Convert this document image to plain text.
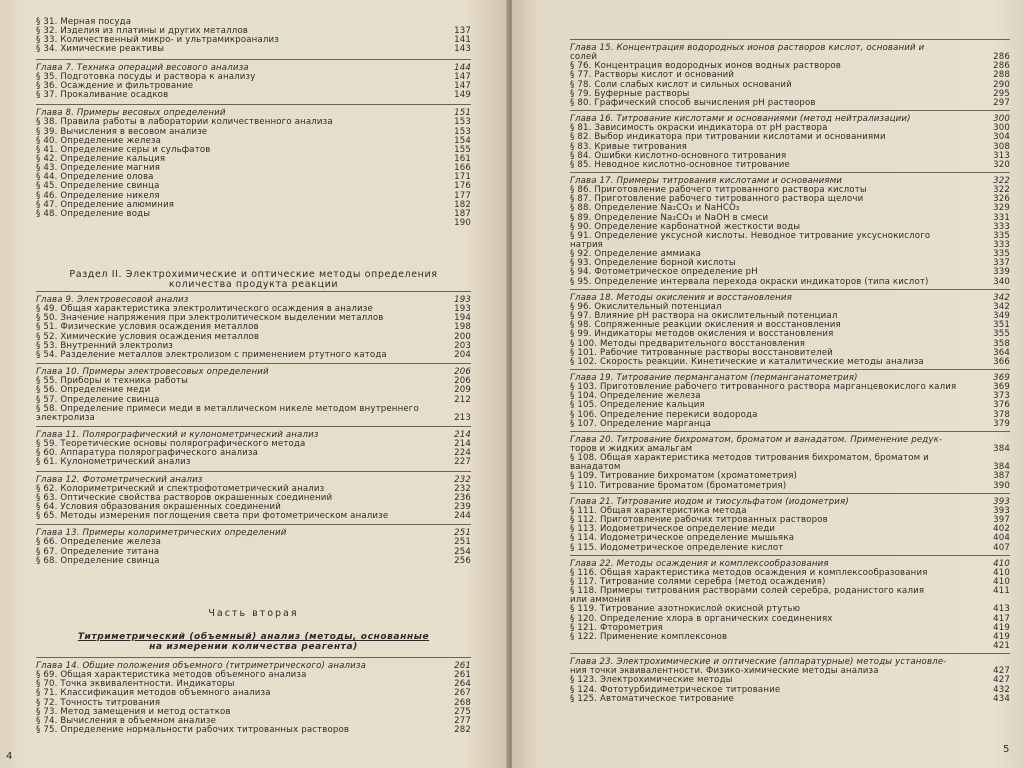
§ 31. Мерная посуда
§ 32. Изделия из платины и других металлов	137
§ 33. Количественный микро- и ультрамикроанализ	141
§ 34. Химические реактивы	143
Глава 7. Техника операций весового анализа	144
§ 35. Подготовка посуды и раствора к анализу	147
§ 36. Осаждение и фильтрование	147
§ 37. Прокаливание осадков	149
Глава 8. Примеры весовых определений	151
§ 38. Правила работы в лаборатории количественного анализа	153
§ 39. Вычисления в весовом анализе	153
§ 40. Определение железа	154
§ 41. Определение серы и сульфатов	155
§ 42. Определение кальция	161
§ 43. Определение магния	166
§ 44. Определение олова	171
§ 45. Определение свинца	176
§ 46. Определение никеля	177
§ 47. Определение алюминия	182
§ 48. Определение воды	187
190
Раздел II. Электрохимические и оптические методы определения
количества продукта реакции
Глава 9. Электровесовой анализ	193
§ 49. Общая характеристика электролитического осаждения в анализе	193
§ 50. Значение напряжения при электролитическом выделении металлов	194
§ 51. Физические условия осаждения металлов	198
§ 52. Химические условия осаждения металлов	200
§ 53. Внутренний электролиз	203
§ 54. Разделение металлов электролизом с применением ртутного катода	204
Глава 10. Примеры электровесовых определений	206
§ 55. Приборы и техника работы	206
§ 56. Определение меди	209
§ 57. Определение свинца	212
§ 58. Определение примеси меди в металлическом никеле методом внутреннего
электролиза	213
Глава 11. Полярографический и кулонометрический анализ	214
§ 59. Теоретические основы полярографического метода	214
§ 60. Аппаратура полярографического анализа	224
§ 61. Кулонометрический анализ	227
Глава 12. Фотометрический анализ	232
§ 62. Колориметрический и спектрофотометрический анализ	232
§ 63. Оптические свойства растворов окрашенных соединений	236
§ 64. Условия образования окрашенных соединений	239
§ 65. Методы измерения поглощения света при фотометрическом анализе	244
Глава 13. Примеры колориметрических определений	251
§ 66. Определение железа	251
§ 67. Определение титана	254
§ 68. Определение свинца	256
Часть вторая
Титриметрический (объемный) анализ (методы, основанные
на измерении количества реагента)
Глава 14. Общие положения объемного (титриметрического) анализа	261
§ 69. Общая характеристика методов объемного анализа	261
§ 70. Точка эквивалентности. Индикаторы	264
§ 71. Классификация методов объемного анализа	267
§ 72. Точность титрования	268
§ 73. Метод замещения и метод остатков	275
§ 74. Вычисления в объемном анализе	277
§ 75. Определение нормальности рабочих титрованных растворов	282
4
Глава 15. Концентрация водородных ионов растворов кислот, оснований и
солей	286
§ 76. Концентрация водородных ионов водных растворов	286
§ 77. Растворы кислот и оснований	288
§ 78. Соли слабых кислот и сильных оснований	290
§ 79. Буферные растворы	295
§ 80. Графический способ вычисления pH растворов	297
Глава 16. Титрование кислотами и основаниями (метод нейтрализации)	300
§ 81. Зависимость окраски индикатора от pH раствора	300
§ 82. Выбор индикатора при титровании кислотами и основаниями	304
§ 83. Кривые титрования	308
§ 84. Ошибки кислотно-основного титрования	313
§ 85. Неводное кислотно-основное титрование	320
Глава 17. Примеры титрования кислотами и основаниями	322
§ 86. Приготовление рабочего титрованного раствора кислоты	322
§ 87. Приготовление рабочего титрованного раствора щелочи	326
§ 88. Определение Na₂CO₃ и NaHCO₃	329
§ 89. Определение Na₂CO₃ и NaOH в смеси	331
§ 90. Определение карбонатной жесткости воды	333
§ 91. Определение уксусной кислоты. Неводное титрование уксуснокислого	335
натрия	333
§ 92. Определение аммиака	335
§ 93. Определение борной кислоты	337
§ 94. Фотометрическое определение pH	339
§ 95. Определение интервала перехода окраски индикаторов (типа кислот)	340
Глава 18. Методы окисления и восстановления	342
§ 96. Окислительный потенциал	342
§ 97. Влияние pH раствора на окислительный потенциал	349
§ 98. Сопряженные реакции окисления и восстановления	351
§ 99. Индикаторы методов окисления и восстановления	355
§ 100. Методы предварительного восстановления	358
§ 101. Рабочие титрованные растворы восстановителей	364
§ 102. Скорость реакции. Кинетические и каталитические методы анализа	366
Глава 19. Титрование перманганатом (перманганатометрия)	369
§ 103. Приготовление рабочего титрованного раствора марганцевокислого калия	369
§ 104. Определение железа	373
§ 105. Определение кальция	376
§ 106. Определение перекиси водорода	378
§ 107. Определение марганца	379
Глава 20. Титрование бихроматом, броматом и ванадатом. Применение редук-
торов и жидких амальгам	384
§ 108. Общая характеристика методов титрования бихроматом, броматом и
ванадатом	384
§ 109. Титрование бихроматом (хроматометрия)	387
§ 110. Титрование броматом (броматометрия)	390
Глава 21. Титрование иодом и тиосульфатом (иодометрия)	393
§ 111. Общая характеристика метода	393
§ 112. Приготовление рабочих титрованных растворов	397
§ 113. Иодометрическое определение меди	402
§ 114. Иодометрическое определение мышьяка	404
§ 115. Иодометрическое определение кислот	407
Глава 22. Методы осаждения и комплексообразования	410
§ 116. Общая характеристика методов осаждения и комплексообразования	410
§ 117. Титрование солями серебра (метод осаждения)	410
§ 118. Примеры титрования растворами солей серебра, роданистого калия	411
или аммония
§ 119. Титрование азотнокислой окисной ртутью	413
§ 120. Определение хлора в органических соединениях	417
§ 121. Фторометрия	419
§ 122. Применение комплексонов	419
421
Глава 23. Электрохимические и оптические (аппаратурные) методы установле-
ния точки эквивалентности. Физико-химические методы анализа	427
§ 123. Электрохимические методы	427
§ 124. Фототурбидиметрическое титрование	432
§ 125. Автоматическое титрование	434
5
